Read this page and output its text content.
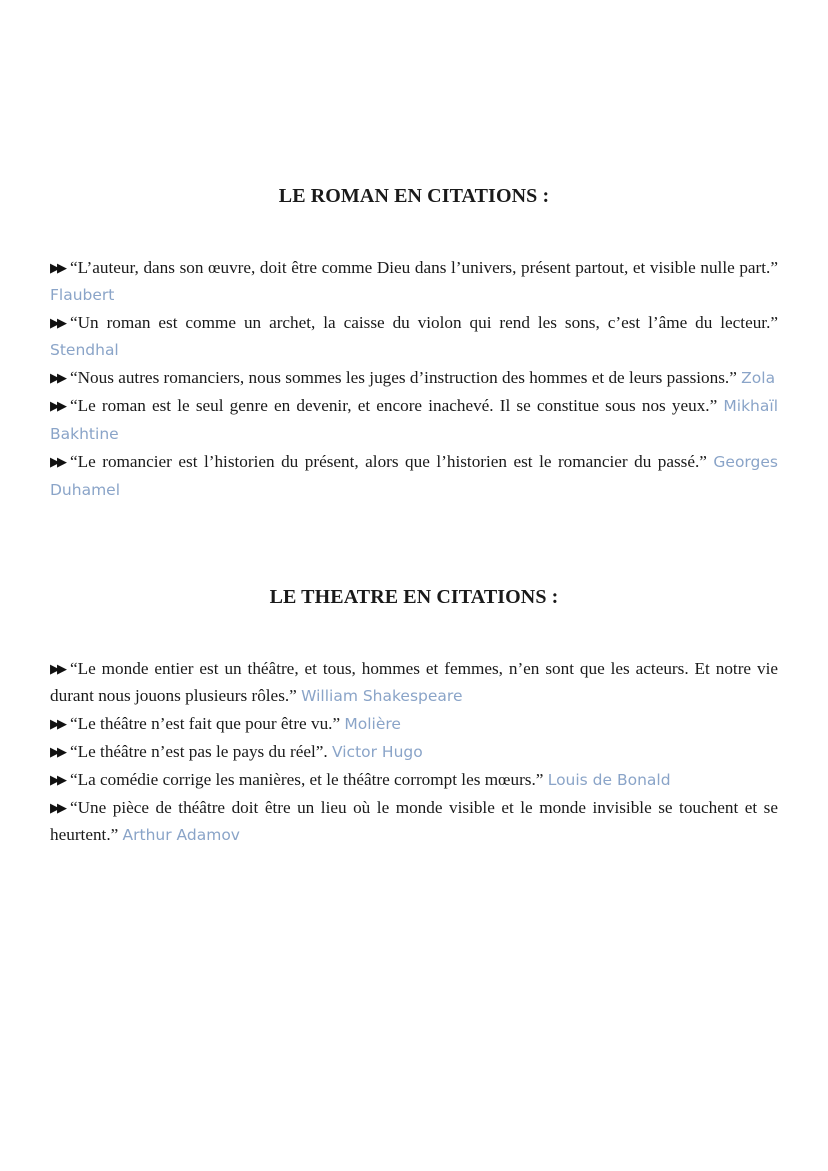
LE ROMAN EN CITATIONS :
▶▶ “L’auteur, dans son œuvre, doit être comme Dieu dans l’univers, présent partout, et visible nulle part.” Flaubert
▶▶ “Un roman est comme un archet, la caisse du violon qui rend les sons, c’est l’âme du lecteur.” Stendhal
▶▶ “Nous autres romanciers, nous sommes les juges d’instruction des hommes et de leurs passions.” Zola
▶▶ “Le roman est le seul genre en devenir, et encore inachevé. Il se constitue sous nos yeux.” Mikhaïl Bakhtine
▶▶ “Le romancier est l’historien du présent, alors que l’historien est le romancier du passé.” Georges Duhamel
LE THEATRE EN CITATIONS :
▶▶ “Le monde entier est un théâtre, et tous, hommes et femmes, n’en sont que les acteurs. Et notre vie durant nous jouons plusieurs rôles.” William Shakespeare
▶▶ “Le théâtre n’est fait que pour être vu.” Molière
▶▶ “Le théâtre n’est pas le pays du réel”. Victor Hugo
▶▶ “La comédie corrige les manières, et le théâtre corrompt les mœurs.” Louis de Bonald
▶▶ “Une pièce de théâtre doit être un lieu où le monde visible et le monde invisible se touchent et se heurtent.” Arthur Adamov
